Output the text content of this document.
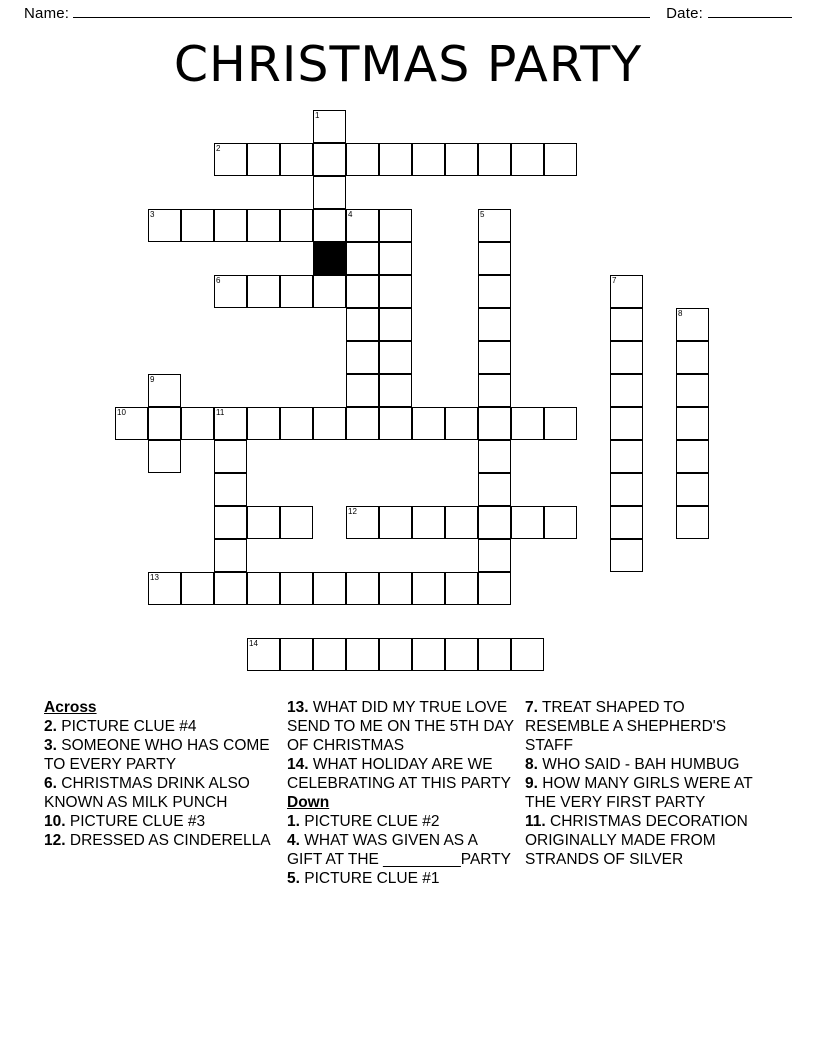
Name:	Date:
CHRISTMAS PARTY
1
2
3	4	5
6	7
8
9
10	11
12
13
14
Across
2. PICTURE CLUE #4
3. SOMEONE WHO HAS COME TO EVERY PARTY
6. CHRISTMAS DRINK ALSO KNOWN AS MILK PUNCH
10. PICTURE CLUE #3
12. DRESSED AS CINDERELLA
13. WHAT DID MY TRUE LOVE SEND TO ME ON THE 5TH DAY OF CHRISTMAS
14. WHAT HOLIDAY ARE WE CELEBRATING AT THIS PARTY
Down
1. PICTURE CLUE #2
4. WHAT WAS GIVEN AS A GIFT AT THE _________PARTY
5. PICTURE CLUE #1
7. TREAT SHAPED TO RESEMBLE A SHEPHERD'S STAFF
8. WHO SAID - BAH HUMBUG
9. HOW MANY GIRLS WERE AT THE VERY FIRST PARTY
11. CHRISTMAS DECORATION ORIGINALLY MADE FROM STRANDS OF SILVER
